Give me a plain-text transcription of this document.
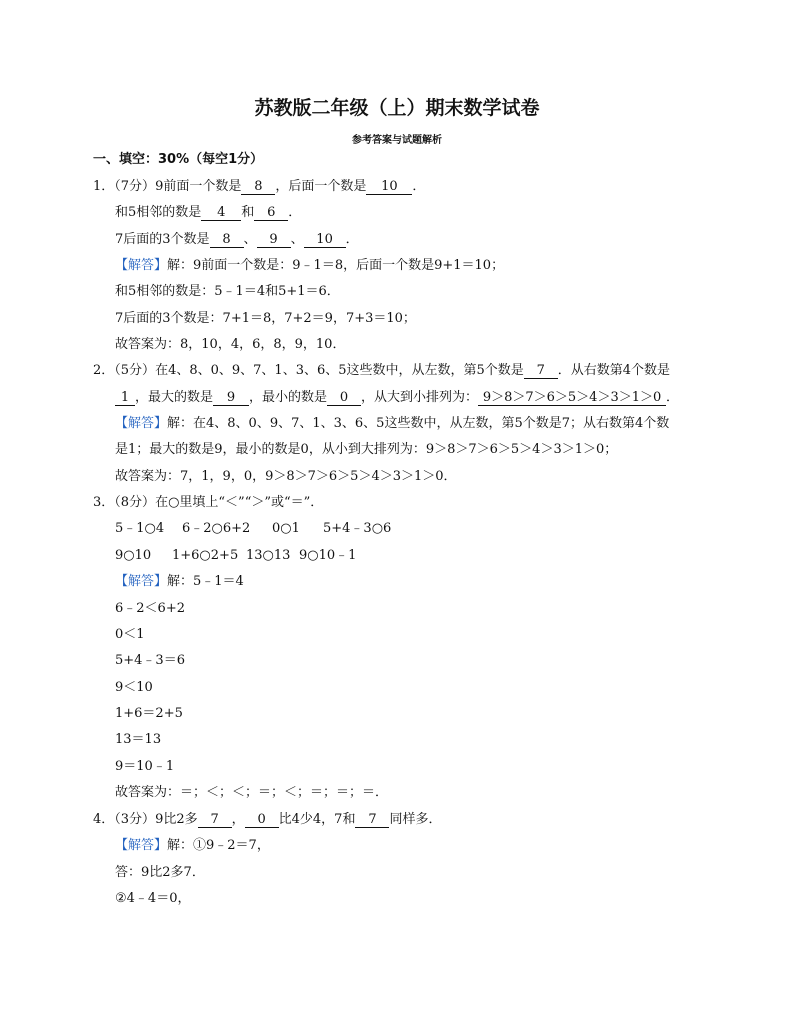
苏教版二年级（上）期末数学试卷
参考答案与试题解析
一、填空：30%（每空1分）
1．（7分）9前面一个数是 8 ，后面一个数是 10 ．
和5相邻的数是 4 和 6 ．
7后面的3个数是 8 、 9 、 10 ．
【解答】解：9前面一个数是：9﹣1＝8，后面一个数是9+1＝10；
和5相邻的数是：5﹣1＝4和5+1＝6．
7后面的3个数是：7+1＝8，7+2＝9，7+3＝10；
故答案为：8，10，4，6，8，9，10．
2．（5分）在4、8、0、9、7、1、3、6、5这些数中，从左数，第5个数是 7 ．从右数第4个数是
1 ，最大的数是 9 ，最小的数是 0 ，从大到小排列为： 9＞8＞7＞6＞5＞4＞3＞1＞0 ．
【解答】解：在4、8、0、9、7、1、3、6、5这些数中，从左数，第5个数是7；从右数第4个数
是1；最大的数是9，最小的数是0，从小到大排列为：9＞8＞7＞6＞5＞4＞3＞1＞0；
故答案为：7，1，9，0，9＞8＞7＞6＞5＞4＞3＞1＞0．
3．（8分）在○里填上“＜”“＞”或“＝”．
5﹣1○4 6﹣2○6+2 0○1 5+4﹣3○6
9○10 1+6○2+5 13○13 9○10﹣1
【解答】解：5﹣1＝4
6﹣2＜6+2
0＜1
5+4﹣3＝6
9＜10
1+6＝2+5
13＝13
9＝10﹣1
故答案为：＝；＜；＜；＝；＜；＝；＝；＝．
4．（3分）9比2多 7 ， 0 比4少4，7和 7 同样多．
【解答】解：①9﹣2＝7，
答：9比2多7．
②4﹣4＝0，
